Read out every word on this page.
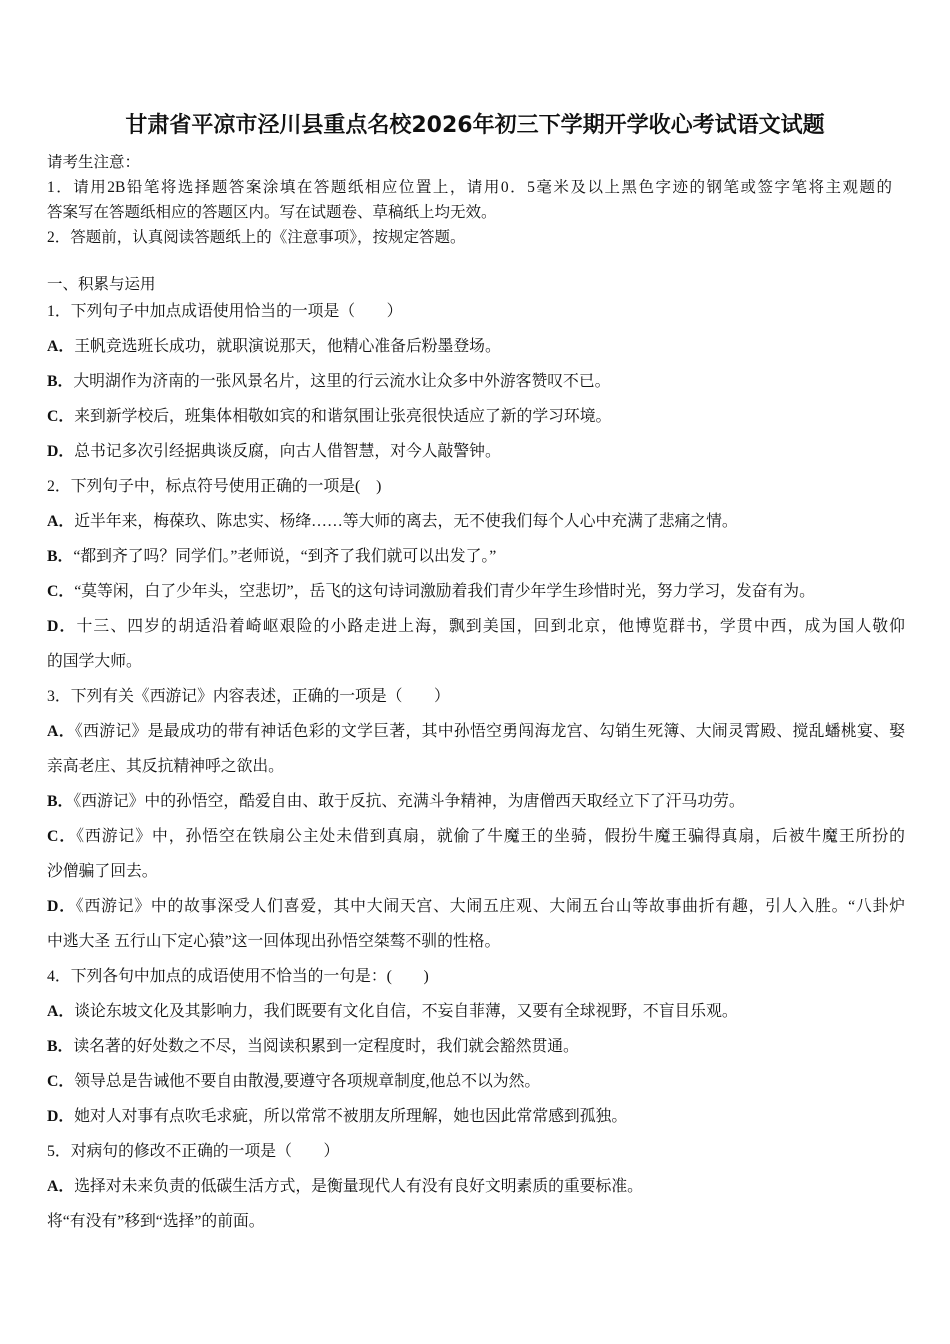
甘肃省平凉市泾川县重点名校2026年初三下学期开学收心考试语文试题
请考生注意：
1．请用2B铅笔将选择题答案涂填在答题纸相应位置上，请用0．5毫米及以上黑色字迹的钢笔或签字笔将主观题的
答案写在答题纸相应的答题区内。写在试题卷、草稿纸上均无效。
2．答题前，认真阅读答题纸上的《注意事项》，按规定答题。
一、积累与运用
1．下列句子中加点成语使用恰当的一项是（　　）
A．王帆竞选班长成功，就职演说那天，他精心准备后粉墨登场。
B．大明湖作为济南的一张风景名片，这里的行云流水让众多中外游客赞叹不已。
C．来到新学校后，班集体相敬如宾的和谐氛围让张亮很快适应了新的学习环境。
D．总书记多次引经据典谈反腐，向古人借智慧，对今人敲警钟。
2．下列句子中，标点符号使用正确的一项是(　)
A．近半年来，梅葆玖、陈忠实、杨绛……等大师的离去，无不使我们每个人心中充满了悲痛之情。
B．“都到齐了吗？同学们。”老师说，“到齐了我们就可以出发了。”
C．“莫等闲，白了少年头，空悲切”，岳飞的这句诗词激励着我们青少年学生珍惜时光，努力学习，发奋有为。
D．十三、四岁的胡适沿着崎岖艰险的小路走进上海，飘到美国，回到北京，他博览群书，学贯中西，成为国人敬仰
的国学大师。
3．下列有关《西游记》内容表述，正确的一项是（　　）
A．《西游记》是最成功的带有神话色彩的文学巨著，其中孙悟空勇闯海龙宫、勾销生死簿、大闹灵霄殿、搅乱蟠桃宴、娶
亲高老庄、其反抗精神呼之欲出。
B．《西游记》中的孙悟空，酷爱自由、敢于反抗、充满斗争精神，为唐僧西天取经立下了汗马功劳。
C．《西游记》中，孙悟空在铁扇公主处未借到真扇，就偷了牛魔王的坐骑，假扮牛魔王骗得真扇，后被牛魔王所扮的
沙僧骗了回去。
D．《西游记》中的故事深受人们喜爱，其中大闹天宫、大闹五庄观、大闹五台山等故事曲折有趣，引人入胜。“八卦炉
中逃大圣 五行山下定心猿”这一回体现出孙悟空桀骜不驯的性格。
4．下列各句中加点的成语使用不恰当的一句是：(　　)
A．谈论东坡文化及其影响力，我们既要有文化自信，不妄自菲薄，又要有全球视野，不盲目乐观。
B．读名著的好处数之不尽，当阅读积累到一定程度时，我们就会豁然贯通。
C．领导总是告诫他不要自由散漫,要遵守各项规章制度,他总不以为然。
D．她对人对事有点吹毛求疵，所以常常不被朋友所理解，她也因此常常感到孤独。
5．对病句的修改不正确的一项是（　　）
A．选择对未来负责的低碳生活方式，是衡量现代人有没有良好文明素质的重要标准。
将“有没有”移到“选择”的前面。
